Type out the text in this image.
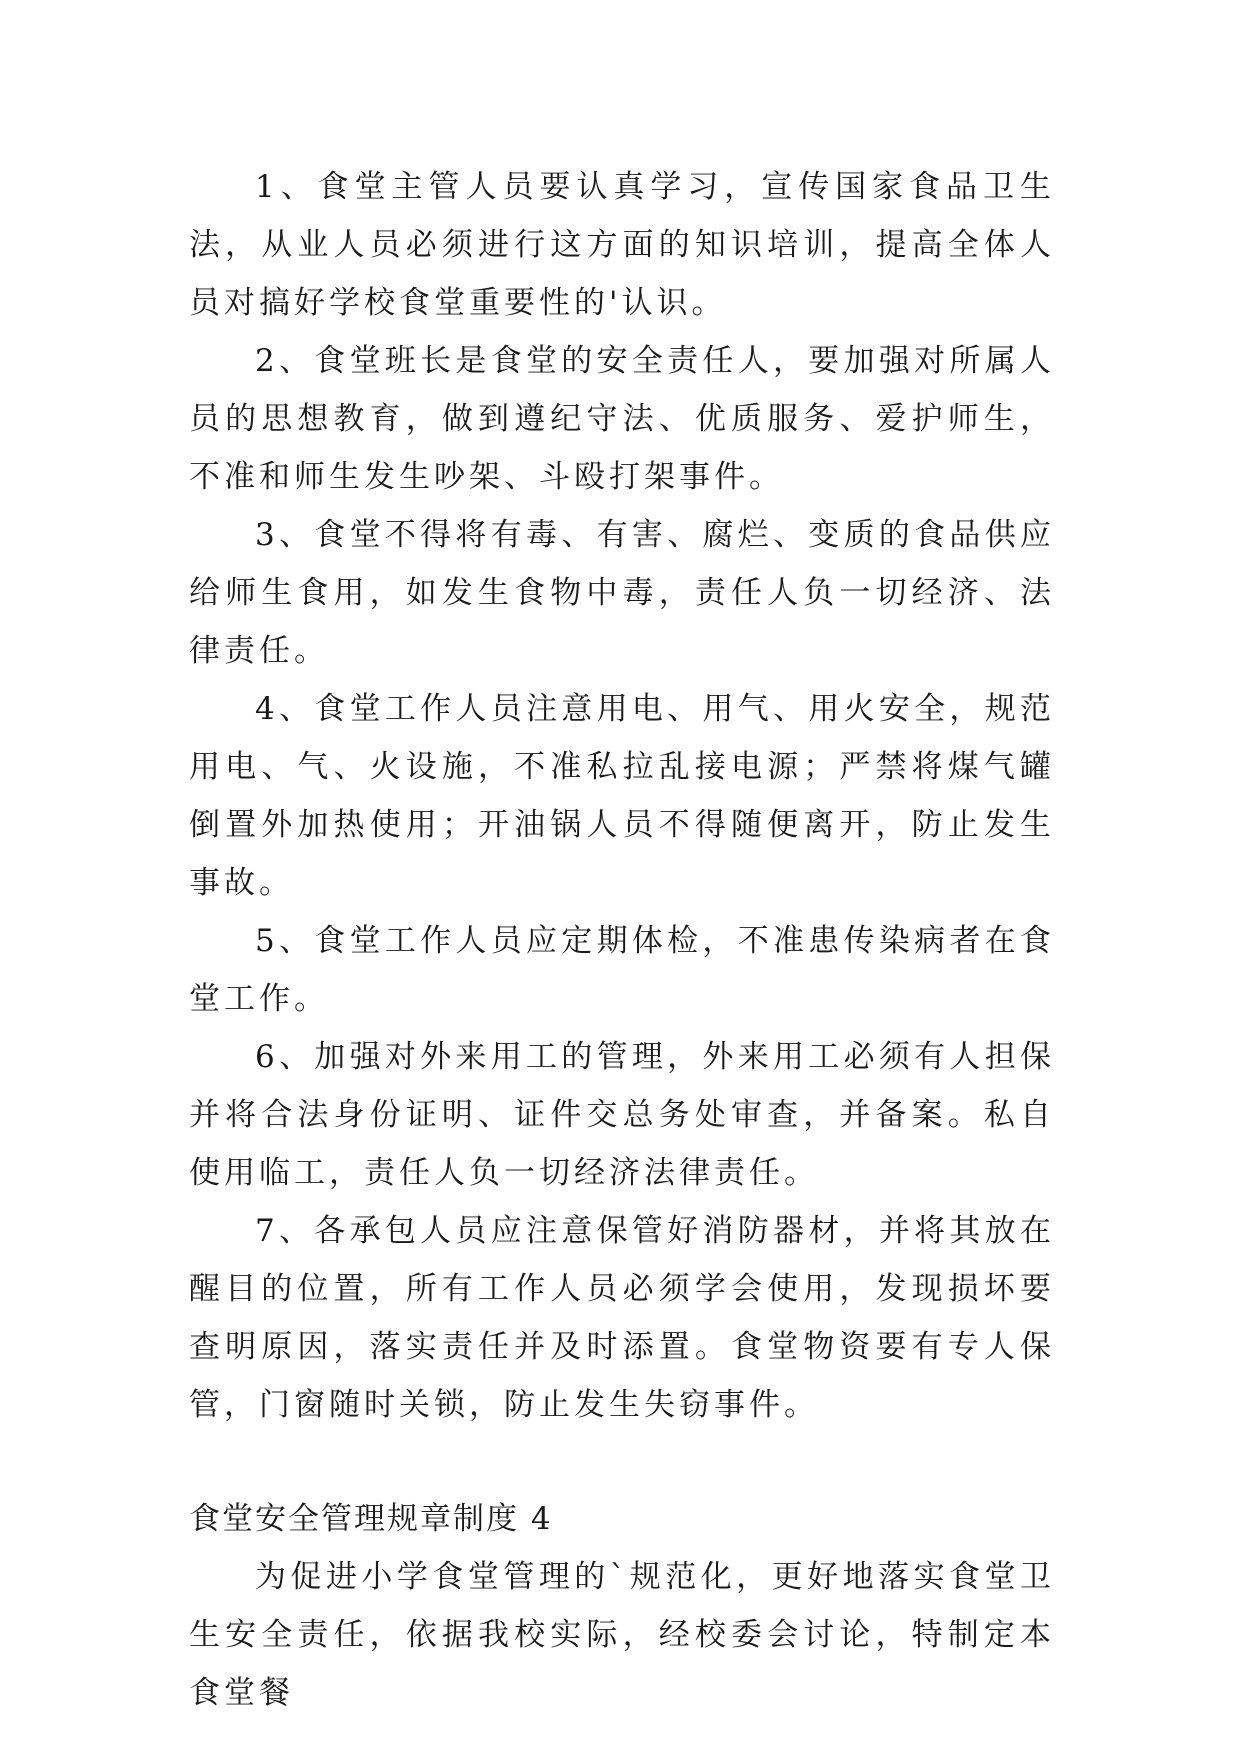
1、食堂主管人员要认真学习，宣传国家食品卫生法，从业人员必须进行这方面的知识培训，提高全体人员对搞好学校食堂重要性的'认识。

2、食堂班长是食堂的安全责任人，要加强对所属人员的思想教育，做到遵纪守法、优质服务、爱护师生，不准和师生发生吵架、斗殴打架事件。

3、食堂不得将有毒、有害、腐烂、变质的食品供应给师生食用，如发生食物中毒，责任人负一切经济、法律责任。

4、食堂工作人员注意用电、用气、用火安全，规范用电、气、火设施，不准私拉乱接电源；严禁将煤气罐倒置外加热使用；开油锅人员不得随便离开，防止发生事故。

5、食堂工作人员应定期体检，不准患传染病者在食堂工作。

6、加强对外来用工的管理，外来用工必须有人担保并将合法身份证明、证件交总务处审查，并备案。私自使用临工，责任人负一切经济法律责任。

7、各承包人员应注意保管好消防器材，并将其放在醒目的位置，所有工作人员必须学会使用，发现损坏要查明原因，落实责任并及时添置。食堂物资要有专人保管，门窗随时关锁，防止发生失窃事件。

食堂安全管理规章制度 4

为促进小学食堂管理的`规范化，更好地落实食堂卫生安全责任，依据我校实际，经校委会讨论，特制定本食堂餐
